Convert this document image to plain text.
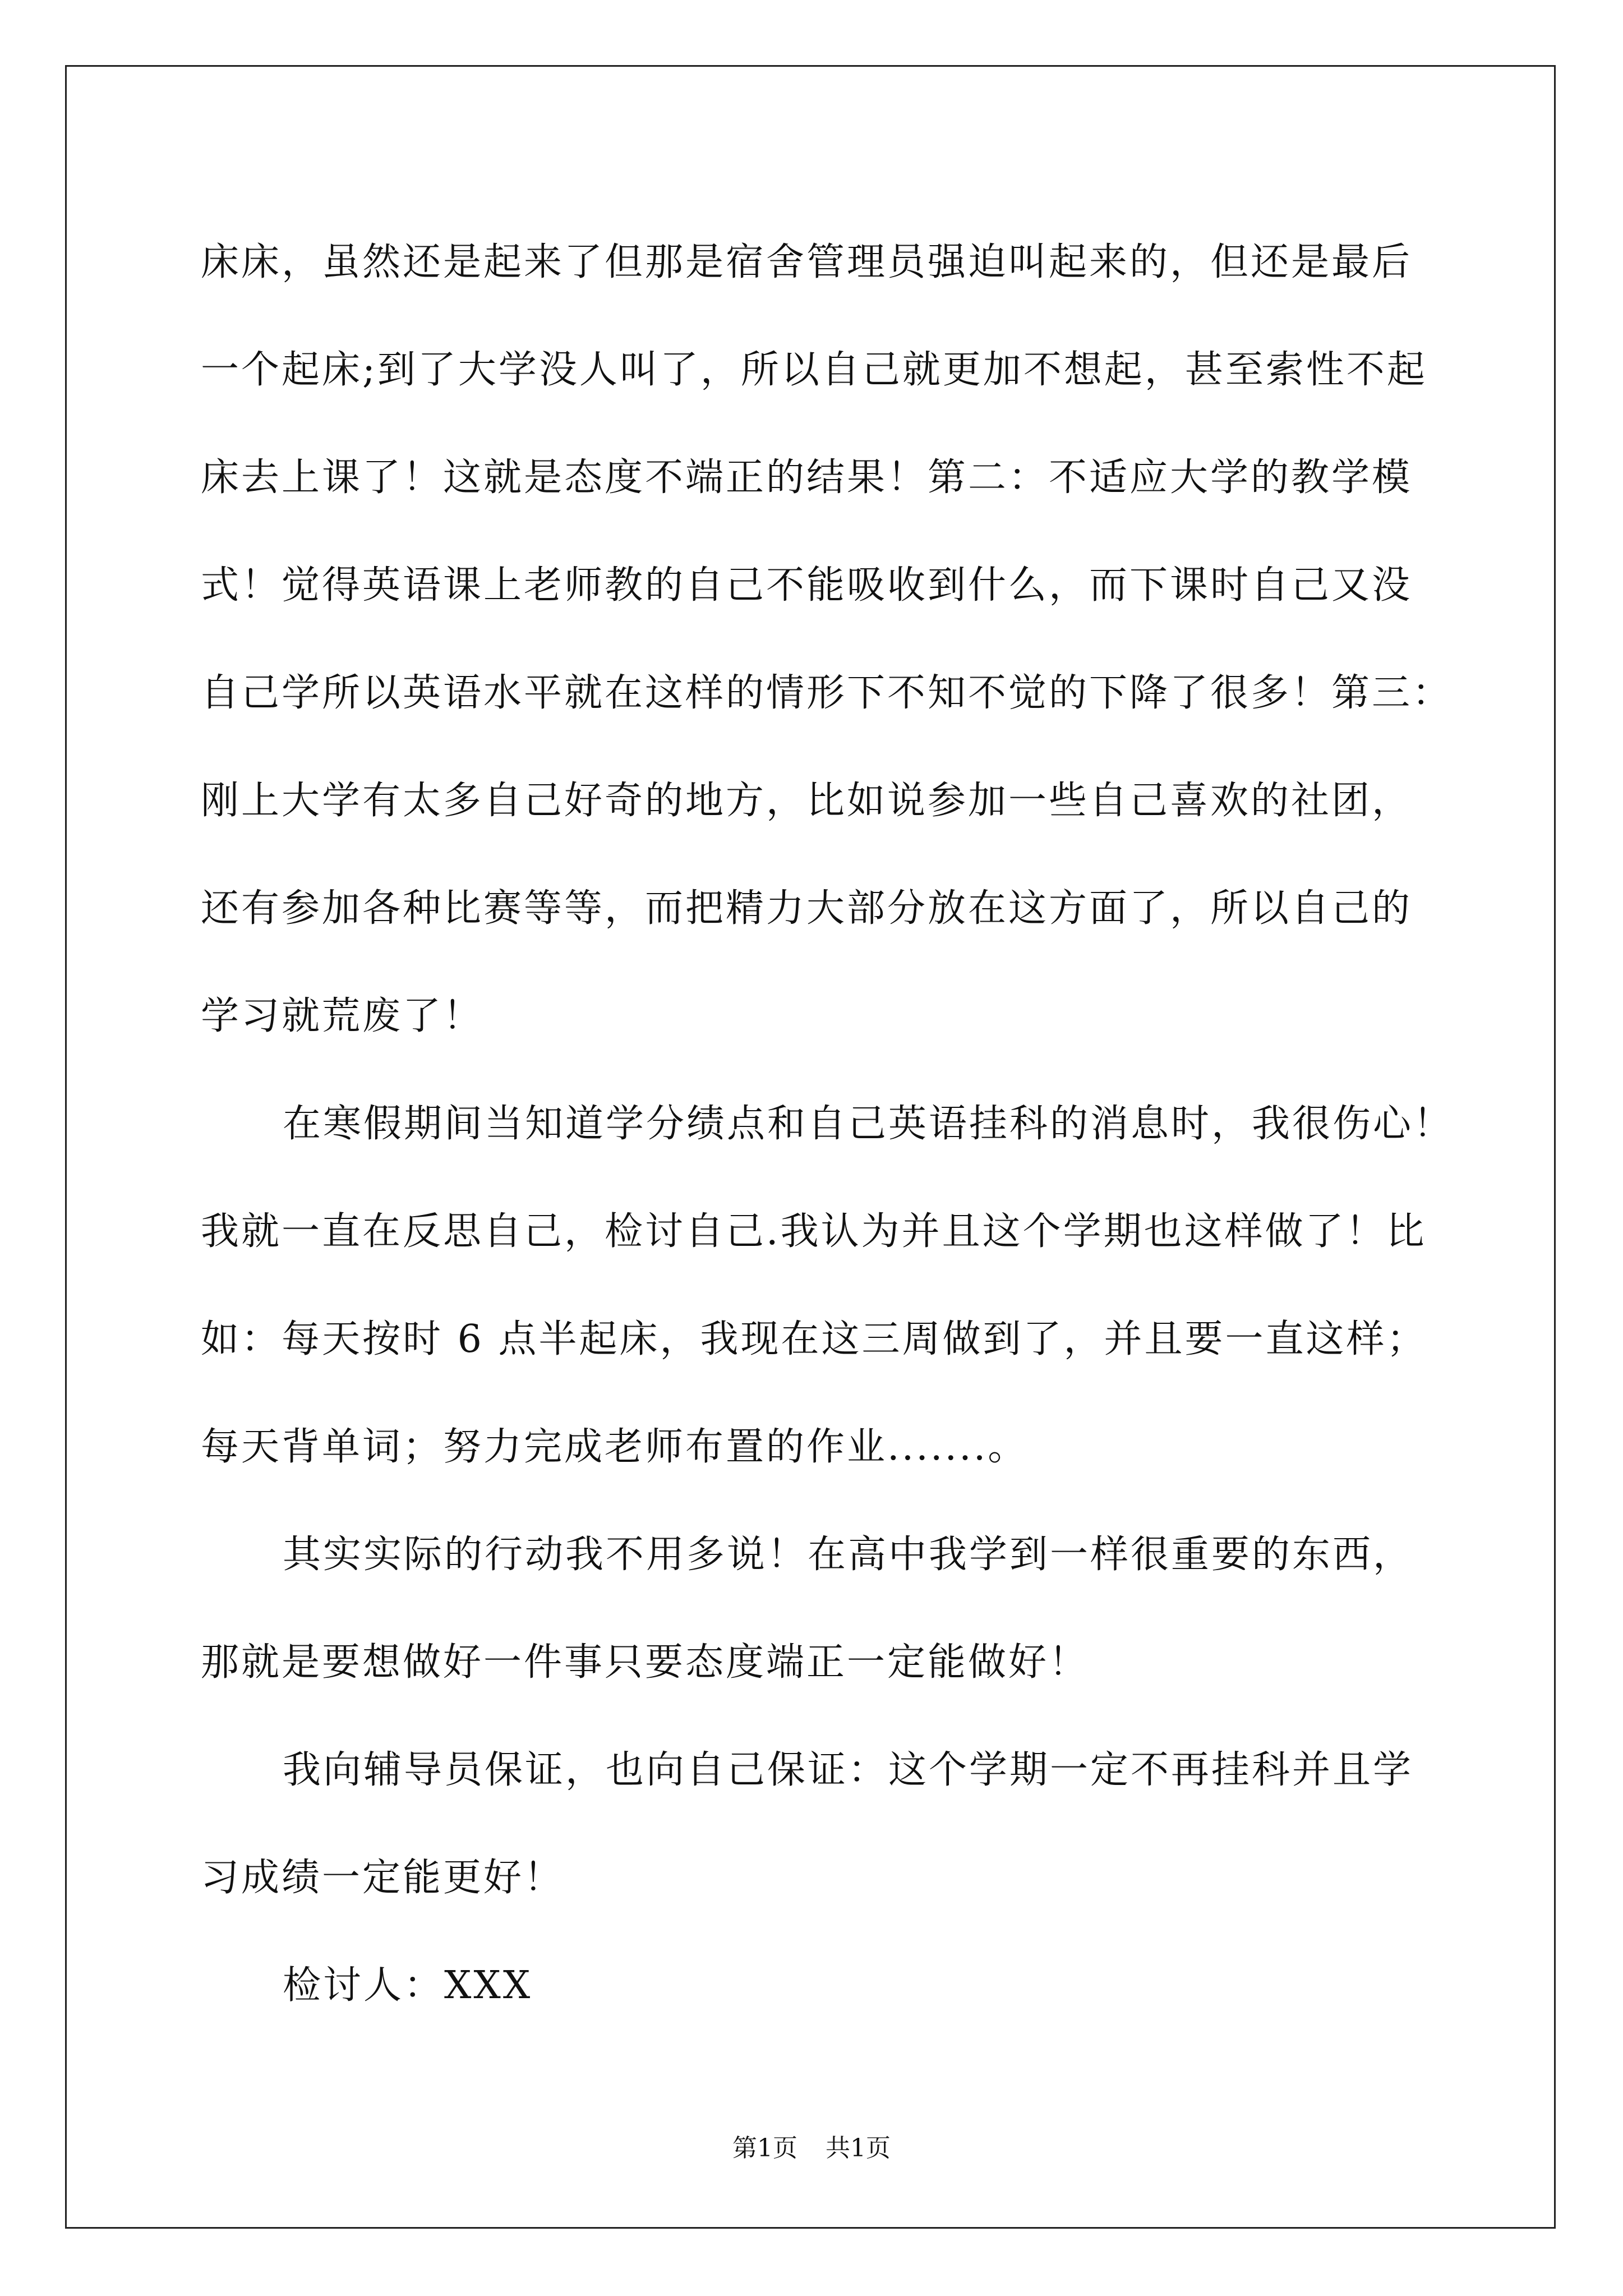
床床，虽然还是起来了但那是宿舍管理员强迫叫起来的，但还是最后
一个起床;到了大学没人叫了，所以自己就更加不想起，甚至索性不起
床去上课了！这就是态度不端正的结果！第二：不适应大学的教学模
式！觉得英语课上老师教的自己不能吸收到什么，而下课时自己又没
自己学所以英语水平就在这样的情形下不知不觉的下降了很多！第三：
刚上大学有太多自己好奇的地方，比如说参加一些自己喜欢的社团，
还有参加各种比赛等等，而把精力大部分放在这方面了，所以自己的
学习就荒废了！
在寒假期间当知道学分绩点和自己英语挂科的消息时，我很伤心！
我就一直在反思自己，检讨自己.我认为并且这个学期也这样做了！比
如：每天按时 6 点半起床，我现在这三周做到了，并且要一直这样；
每天背单词；努力完成老师布置的作业.......。
其实实际的行动我不用多说！在高中我学到一样很重要的东西，
那就是要想做好一件事只要态度端正一定能做好！
我向辅导员保证，也向自己保证：这个学期一定不再挂科并且学
习成绩一定能更好！
检讨人：XXX
第1页 共1页
